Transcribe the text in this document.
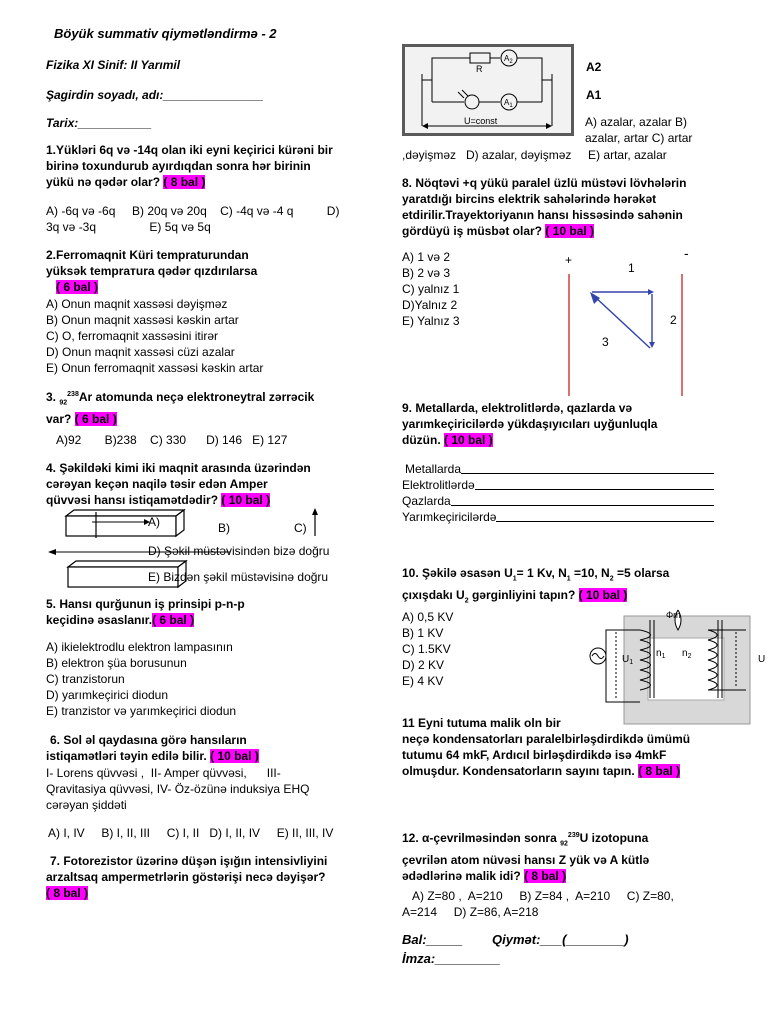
Böyük summativ qiymətləndirmə - 2
Fizika XI Sinif: II Yarımil
Şagirdin soyadı, adı:_______________
Tarix:___________
1.Yükləri 6q və -14q olan iki eyni keçirici kürəni bir
birinə toxundurub ayırdıqdan sonra hər birinin
yükü nə qədər olar? ( 8 bal )
A) -6q və -6q     B) 20q və 20q    C) -4q və -4 q          D)
3q və -3q                E) 5q və 5q
2.Ferromaqnit Küri tempraturundan
yüksək temprатura qədər qızdırılarsa
( 6 bal )
A) Onun maqnit xassəsi dəyişməz
B) Onun maqnit xassəsi kəskin artar
C) O, ferromaqnit xassəsini itirər
D) Onun maqnit xassəsi cüzi azalar
E) Onun ferromaqnit xassəsi kəskin artar
3. $_{92}^{238}$Ar atomunda neçə elektroneytral zərrəcik
var? ( 6 bal )
A)92       B)238    C) 330      D) 146   E) 127
4. Şəkildəki kimi iki maqnit arasında üzərindən
cərəyan keçən naqilə təsir edən Amper
qüvvəsi hansı istiqamətdədir? ( 10 bal )
A)	B)	C)
D) Şəkil müstəvisindən bizə doğru
E) Bizdən şəkil müstəvisinə doğru
5. Hansı qurğunun iş prinsipi p-n-p
keçidinə əsaslanır.( 6 bal )
A) ikielektrodlu elektron lampasının
B) elektron şüa borusunun
C) tranzistorun
D) yarımkeçirici diodun
E) tranzistor və yarımkeçirici diodun
6. Sol əl qaydasına görə hansıların
istiqamətləri təyin edilə bilir. ( 10 bal )
I- Lorens qüvvəsi ,  II- Amper qüvvəsi,      III-
Qravitasiya qüvvəsi, IV- Öz-özünə induksiya EHQ
cərəyan şiddəti
A) I, IV     B) I, II, III     C) I, II   D) I, II, IV     E) II, III, IV
7. Fotorezistor üzərinə düşən işığın intensivliyini
arzaltsaq ampermetrlərin göstərişi necə dəyişər?
( 8 bal )
R
$A_2$
$A_1$
U=const
A2
A1
A) azalar, azalar B)
azalar, artar C) artar
,dəyişməz   D) azalar, dəyişməz     E) artar, azalar
8. Nöqtəvi +q yükü paralel üzlü müstəvi lövhələrin
yaratdığı bircins elektrik sahələrində hərəkət
etdirilir.Trayektoriyanın hansı hissəsində sahənin
gördüyü iş müsbət olar? ( 10 bal )
A) 1 və 2
B) 2 və 3
C) yalnız 1
D)Yalnız 2
E) Yalnız 3
+	-
1
2
3
9. Metallarda, elektrolitlərdə, qazlarda və
yarımkeçiricilərdə yükdaşıyıcıları uyğunluqla
düzün. ( 10 bal )
Metallarda
Elektrolitlərdə
Qazlarda
Yarımkeçiricilərdə
10. Şəkilə əsasən $U_1= 1$ Kv, $N_1 =10$, $N_2 =5$ olarsa
çıxışdakı $U_2$ gərginliyini tapın? ( 10 bal )
A) 0,5 KV
B) 1 KV
C) 1.5KV
D) 2 KV
E) 4 KV
Φm
$U_1$
$n_1$ $n_2$	U
11 Eyni tutuma malik oln bir
neçə kondensatorları paralelbirləşdirdikdə ümümü
tutumu 64 mkF, Ardıcıl birləşdirdikdə isə 4mkF
olmuşdur. Kondensatorların sayını tapın. ( 8 bal )
12. α-çevrilməsindən sonra $_{92}^{239}$U izotopuna
çevrilən atom nüvəsi hansı Z yük və A kütlə
ədədlərinə malik idi? ( 8 bal )
A) Z=80 ,  A=210     B) Z=84 ,  A=210     C) Z=80,
A=214     D) Z=86, A=218
Bal:_____ Qiymət:___(________)
İmza:_________
